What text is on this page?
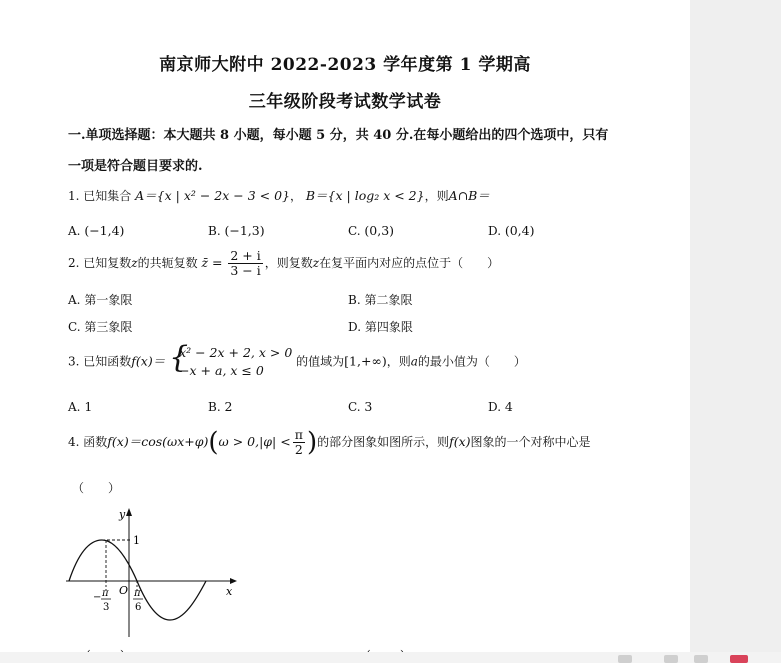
南京师大附中 2022-2023 学年度第 1 学期高
三年级阶段考试数学试卷
一.单项选择题：本大题共 8 小题，每小题 5 分，共 40 分.在每小题给出的四个选项中，只有
一项是符合题目要求的.
1. 已知集合 A＝{x | x² − 2x − 3 < 0}， B＝{x | log₂ x < 2}，则A∩B＝
A. (−1,4)	B. (−1,3)	C. (0,3)	D. (0,4)
2. 已知复数z的共轭复数 z̄ = $\frac{2 + i}{3 - i}$ ，则复数z在复平面内对应的点位于（　　）
A. 第一象限	B. 第二象限
C. 第三象限	D. 第四象限
3. 已知函数f(x)＝ {
x² − 2x + 2, x > 0
−x + a, x ≤ 0
的值域为[1,+∞)，则a的最小值为（　　）
A. 1	B. 2	C. 3	D. 4
4. 函数$f(x)=\cos(\omega x+\varphi)(\omega > 0,|\varphi| < \frac{\pi}{2}$ )的部分图象如图所示，则f(x)图象的一个对称中心是
（　　）
y
x
O
1
− π
3
π
6
